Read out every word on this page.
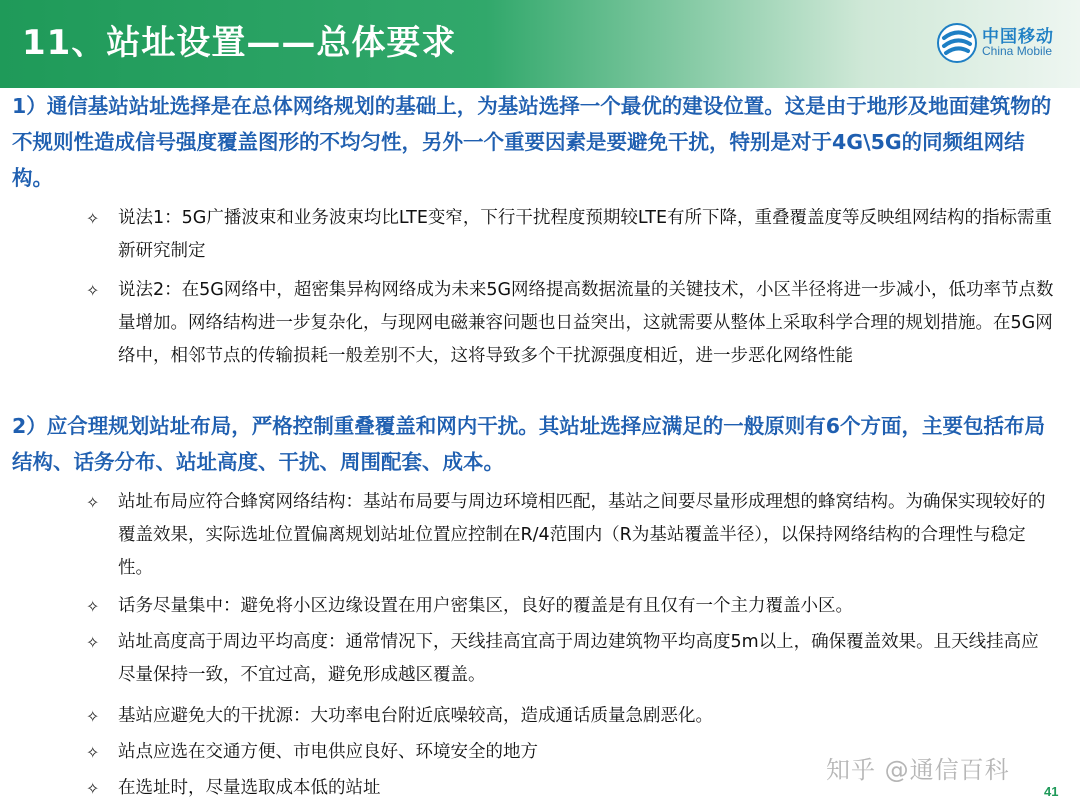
11、站址设置——总体要求	中国移动
China Mobile

1）通信基站站址选择是在总体网络规划的基础上，为基站选择一个最优的建设位置。这是由于地形及地面建筑物的不规则性造成信号强度覆盖图形的不均匀性，另外一个重要因素是要避免干扰，特别是对于4G\5G的同频组网结构。

✧	说法1：5G广播波束和业务波束均比LTE变窄，下行干扰程度预期较LTE有所下降，重叠覆盖度等反映组网结构的指标需重新研究制定
✧	说法2：在5G网络中，超密集异构网络成为未来5G网络提高数据流量的关键技术，小区半径将进一步减小，低功率节点数量增加。网络结构进一步复杂化，与现网电磁兼容问题也日益突出，这就需要从整体上采取科学合理的规划措施。在5G网络中，相邻节点的传输损耗一般差别不大，这将导致多个干扰源强度相近，进一步恶化网络性能

2）应合理规划站址布局，严格控制重叠覆盖和网内干扰。其站址选择应满足的一般原则有6个方面，主要包括布局结构、话务分布、站址高度、干扰、周围配套、成本。

✧	站址布局应符合蜂窝网络结构：基站布局要与周边环境相匹配，基站之间要尽量形成理想的蜂窝结构。为确保实现较好的覆盖效果，实际选址位置偏离规划站址位置应控制在R/4范围内（R为基站覆盖半径），以保持网络结构的合理性与稳定性。
✧	话务尽量集中：避免将小区边缘设置在用户密集区，良好的覆盖是有且仅有一个主力覆盖小区。
✧	站址高度高于周边平均高度：通常情况下，天线挂高宜高于周边建筑物平均高度5m以上，确保覆盖效果。且天线挂高应尽量保持一致，不宜过高，避免形成越区覆盖。
✧	基站应避免大的干扰源：大功率电台附近底噪较高，造成通话质量急剧恶化。
✧	站点应选在交通方便、市电供应良好、环境安全的地方
✧	在选址时，尽量选取成本低的站址
知乎 @通信百科
41
